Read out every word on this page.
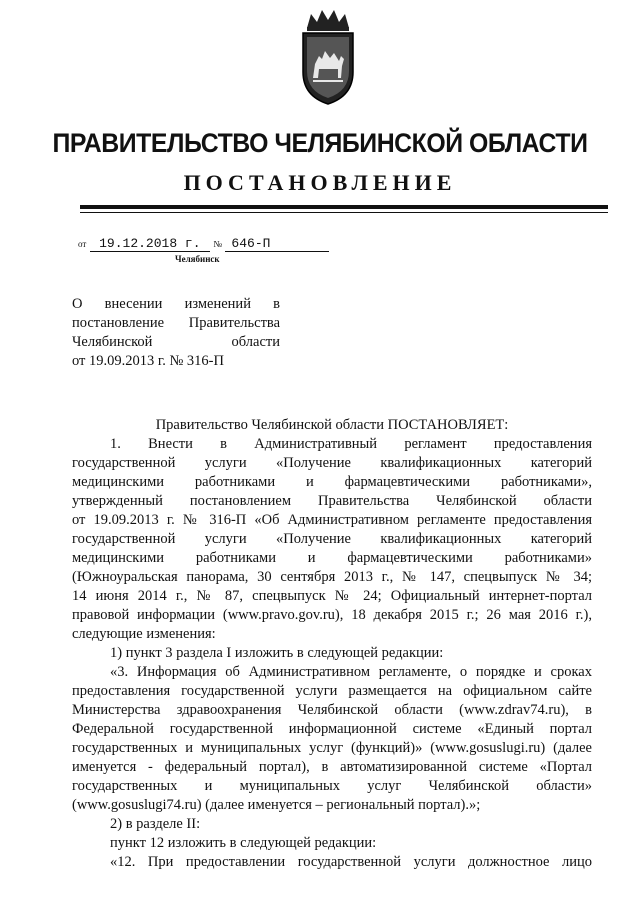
ПРАВИТЕЛЬСТВО ЧЕЛЯБИНСКОЙ ОБЛАСТИ
ПОСТАНОВЛЕНИЕ
от 19.12.2018 г. № 646-П
Челябинск
О внесении изменений в
постановление Правительства
Челябинской области
от 19.09.2013 г. № 316-П

Правительство Челябинской области ПОСТАНОВЛЯЕТ:

1. Внести в Административный регламент предоставления

государственной услуги «Получение квалификационных категорий

медицинскими работниками и фармацевтическими работниками»,

утвержденный постановлением Правительства Челябинской области

от 19.09.2013 г. № 316-П «Об Административном регламенте предоставления

государственной услуги «Получение квалификационных категорий

медицинскими работниками и фармацевтическими работниками»

(Южноуральская панорама, 30 сентября 2013 г., № 147, спецвыпуск № 34;

14 июня 2014 г., № 87, спецвыпуск № 24; Официальный интернет-портал

правовой информации (www.pravo.gov.ru), 18 декабря 2015 г.; 26 мая 2016 г.),

следующие изменения:

1) пункт 3 раздела I изложить в следующей редакции:

«3. Информация об Административном регламенте, о порядке и сроках

предоставления государственной услуги размещается на официальном сайте

Министерства здравоохранения Челябинской области (www.zdrav74.ru), в

Федеральной государственной информационной системе «Единый портал

государственных и муниципальных услуг (функций)» (www.gosuslugi.ru) (далее

именуется - федеральный портал), в автоматизированной системе «Портал

государственных и муниципальных услуг Челябинской области»

(www.gosuslugi74.ru) (далее именуется – региональный портал).»;

2) в разделе II:

пункт 12 изложить в следующей редакции:

«12. При предоставлении государственной услуги должностное лицо
